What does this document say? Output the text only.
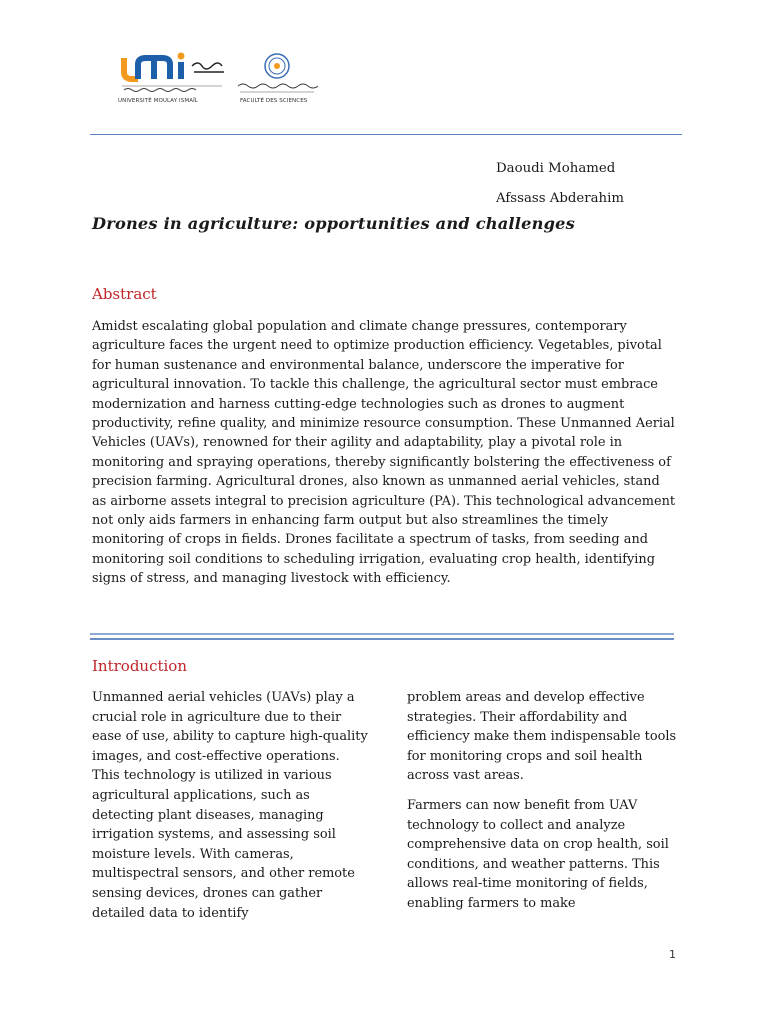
UNIVERSITÉ MOULAY ISMAÏL	FACULTÉ DES SCIENCES
Daoudi Mohamed
Afssass Abderahim
Drones in agriculture: opportunities and challenges
Abstract
Amidst escalating global population and climate change pressures, contemporary agriculture faces the urgent need to optimize production efficiency. Vegetables, pivotal for human sustenance and environmental balance, underscore the imperative for agricultural innovation. To tackle this challenge, the agricultural sector must embrace modernization and harness cutting-edge technologies such as drones to augment productivity, refine quality, and minimize resource consumption. These Unmanned Aerial Vehicles (UAVs), renowned for their agility and adaptability, play a pivotal role in monitoring and spraying operations, thereby significantly bolstering the effectiveness of precision farming. Agricultural drones, also known as unmanned aerial vehicles, stand as airborne assets integral to precision agriculture (PA). This technological advancement not only aids farmers in enhancing farm output but also streamlines the timely monitoring of crops in fields. Drones facilitate a spectrum of tasks, from seeding and monitoring soil conditions to scheduling irrigation, evaluating crop health, identifying signs of stress, and managing livestock with efficiency.
Introduction

Unmanned aerial vehicles (UAVs) play a crucial role in agriculture due to their ease of use, ability to capture high-quality images, and cost-effective operations. This technology is utilized in various agricultural applications, such as detecting plant diseases, managing irrigation systems, and assessing soil moisture levels. With cameras, multispectral sensors, and other remote sensing devices, drones can gather detailed data to identify

problem areas and develop effective strategies. Their affordability and efficiency make them indispensable tools for monitoring crops and soil health across vast areas.

Farmers can now benefit from UAV technology to collect and analyze comprehensive data on crop health, soil conditions, and weather patterns. This allows real-time monitoring of fields, enabling farmers to make

1
